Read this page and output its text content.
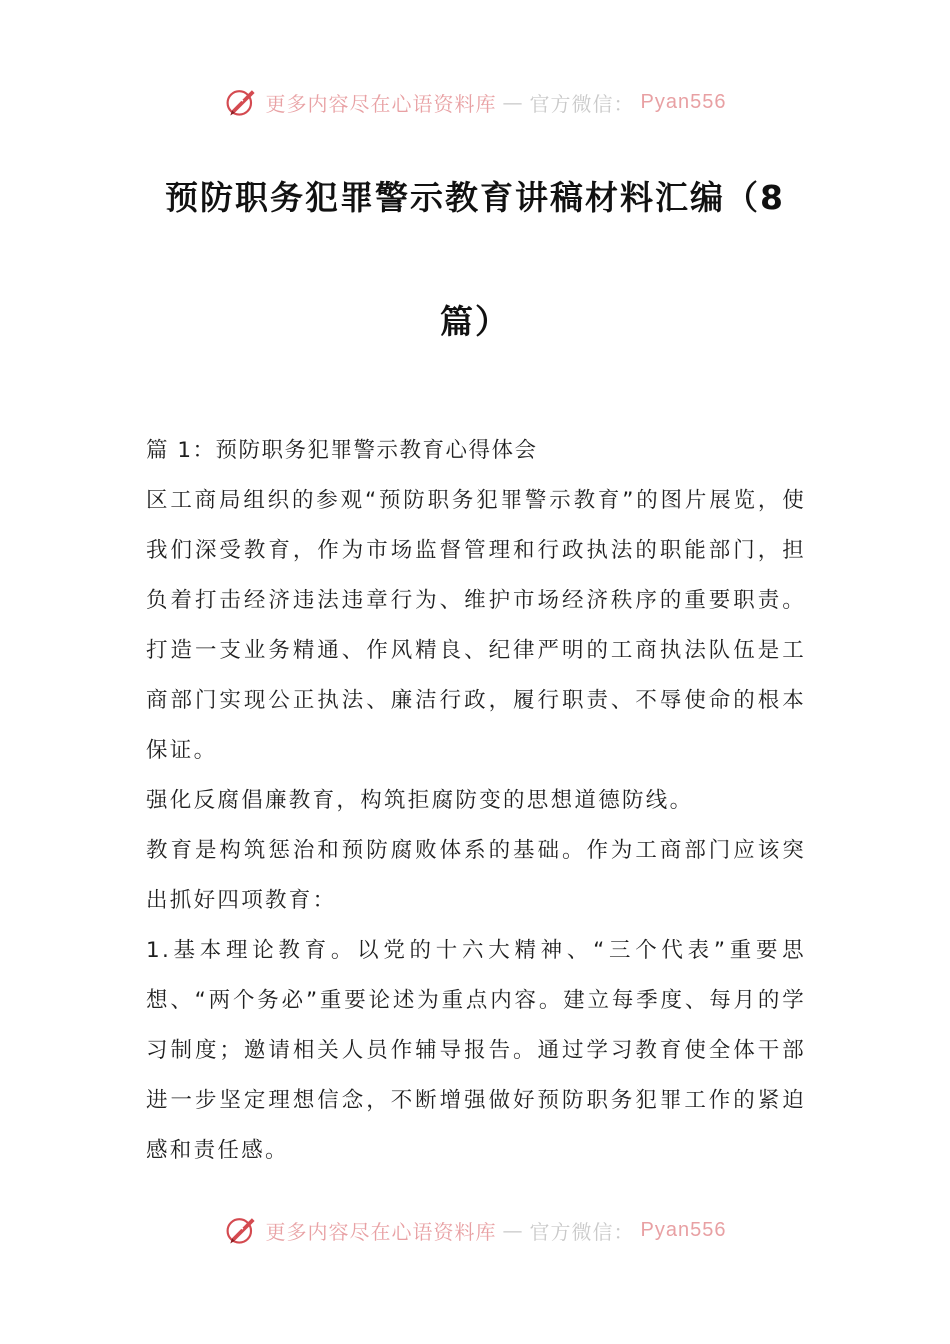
更多内容尽在心语资料库 — 官方微信： Pyan556
预防职务犯罪警示教育讲稿材料汇编（8
篇）

篇 1：预防职务犯罪警示教育心得体会

区工商局组织的参观“预防职务犯罪警示教育”的图片展览，使我们深受教育，作为市场监督管理和行政执法的职能部门，担负着打击经济违法违章行为、维护市场经济秩序的重要职责。打造一支业务精通、作风精良、纪律严明的工商执法队伍是工商部门实现公正执法、廉洁行政，履行职责、不辱使命的根本保证。

强化反腐倡廉教育，构筑拒腐防变的思想道德防线。

教育是构筑惩治和预防腐败体系的基础。作为工商部门应该突出抓好四项教育：

1.基本理论教育。以党的十六大精神、“三个代表”重要思想、“两个务必”重要论述为重点内容。建立每季度、每月的学习制度；邀请相关人员作辅导报告。通过学习教育使全体干部进一步坚定理想信念，不断增强做好预防职务犯罪工作的紧迫感和责任感。

更多内容尽在心语资料库 — 官方微信： Pyan556
